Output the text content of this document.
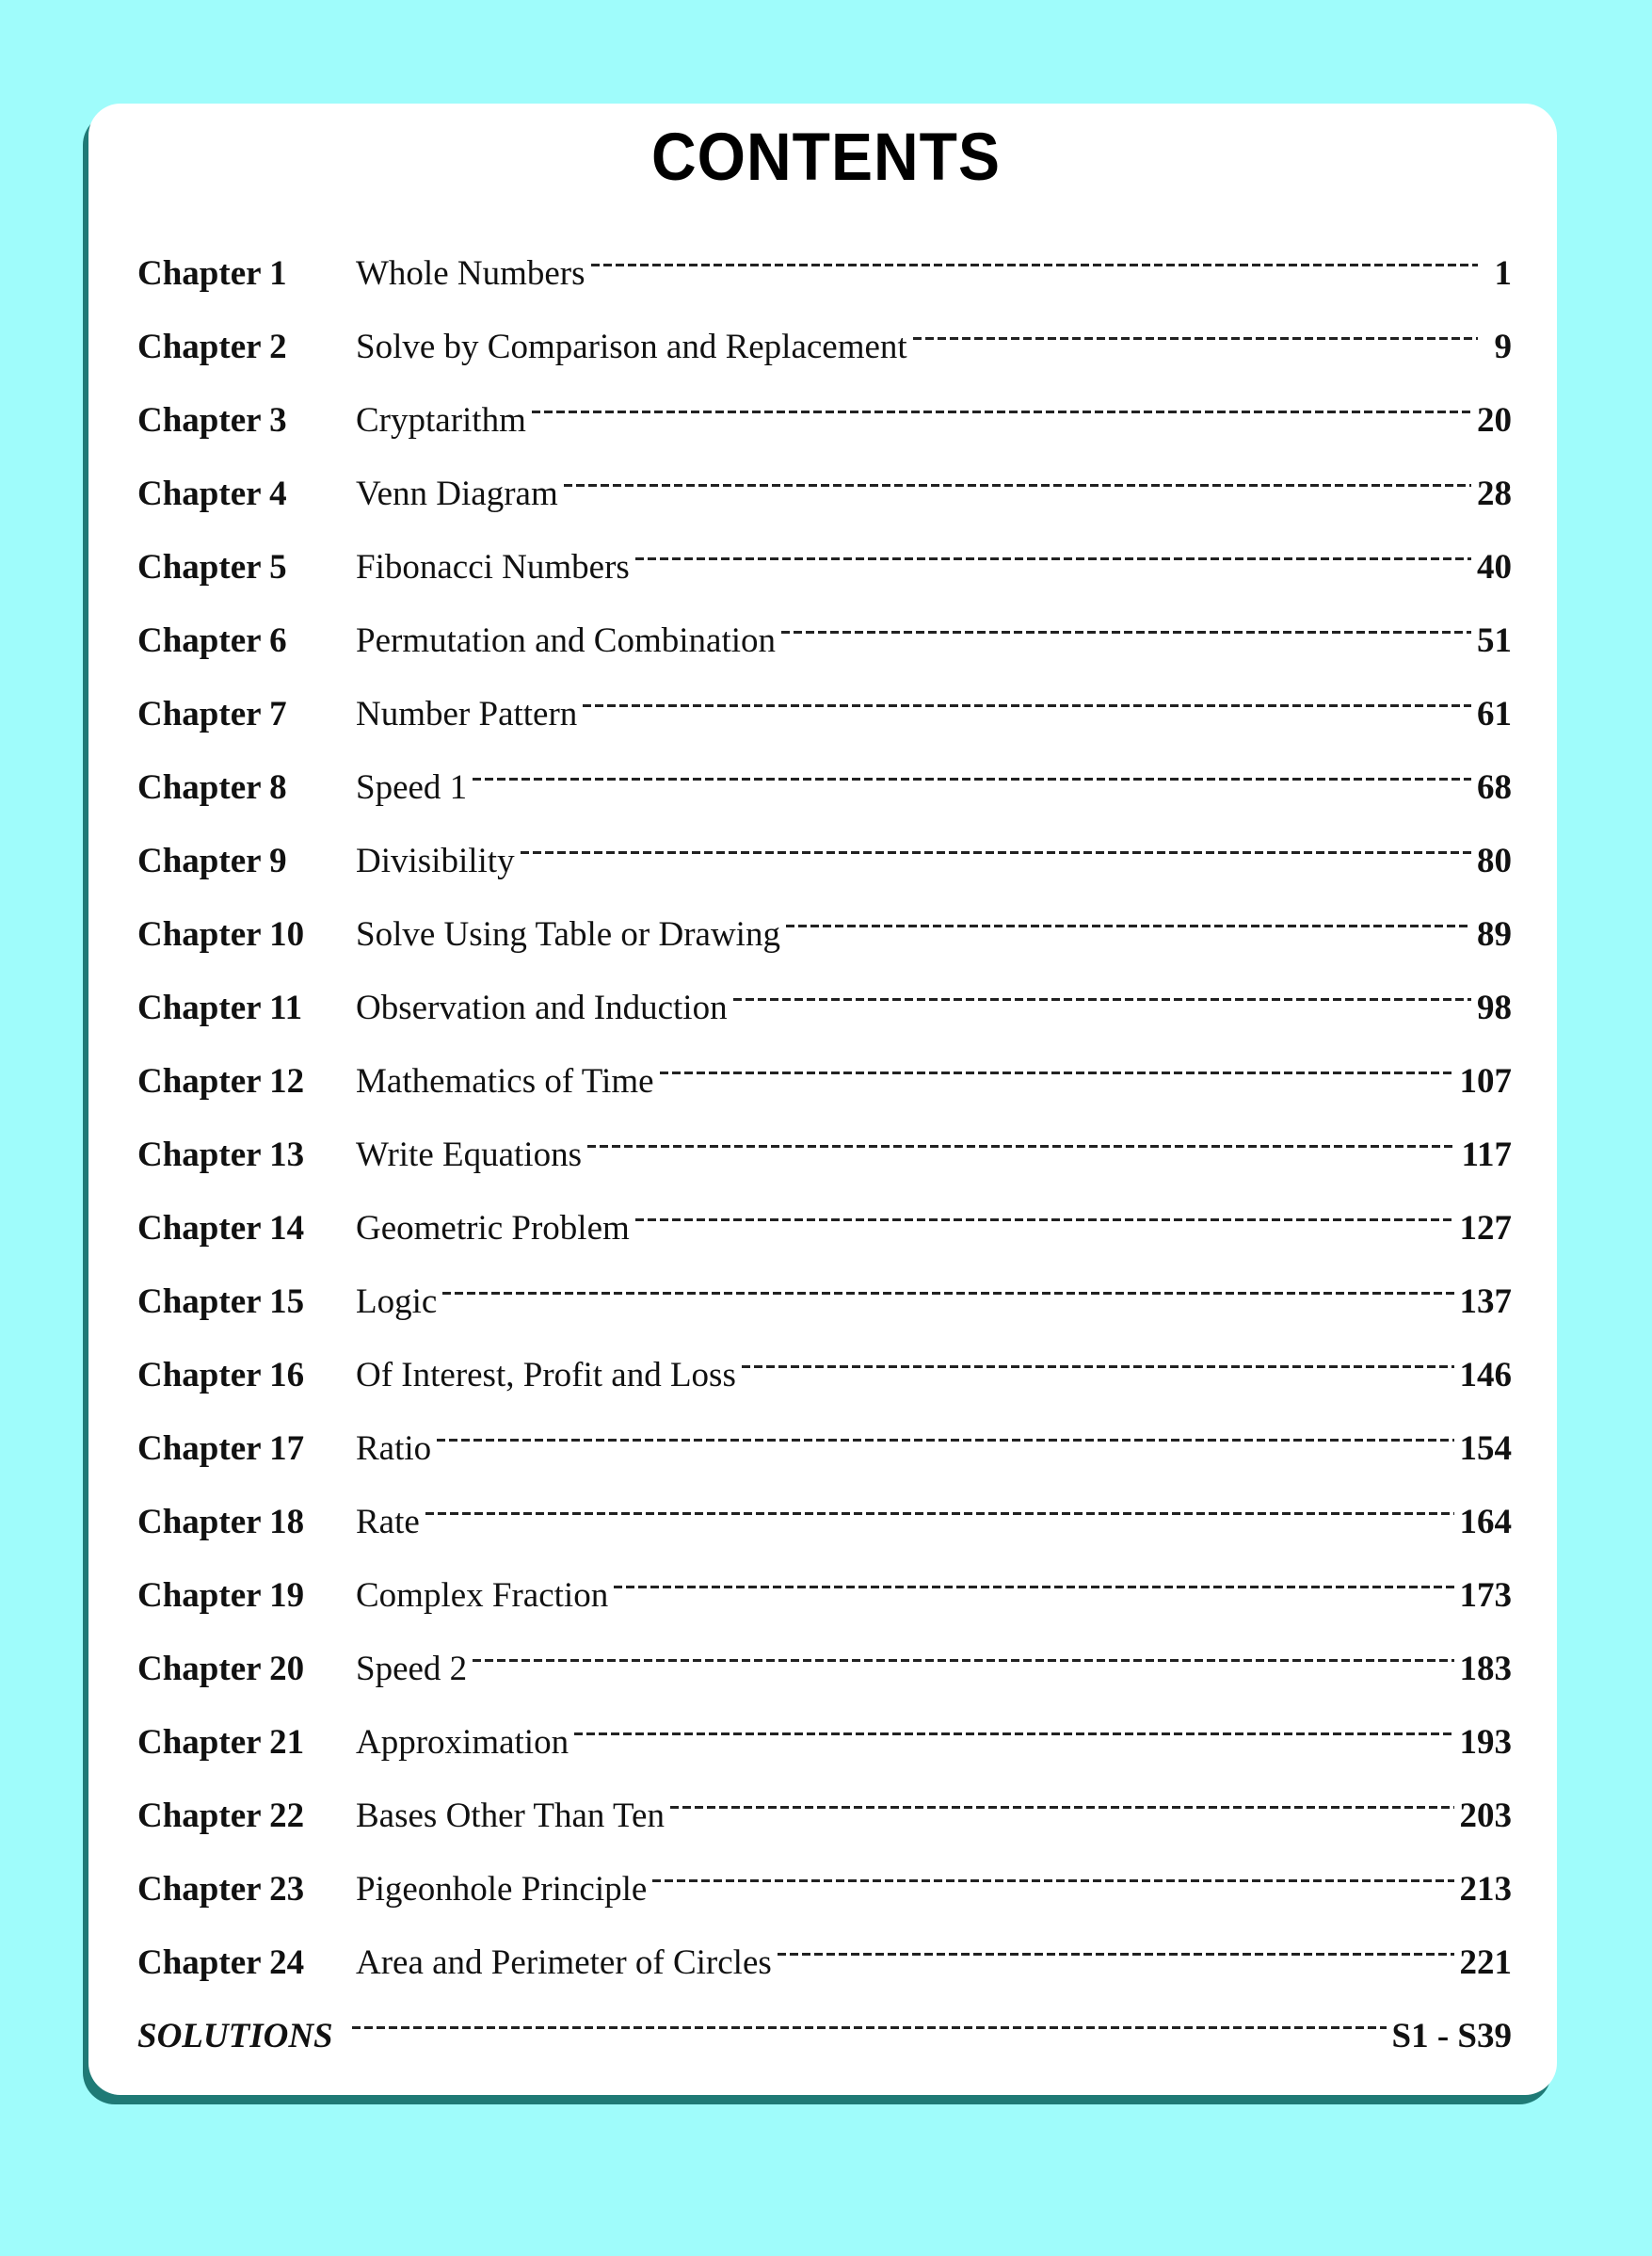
CONTENTS
Chapter 1	Whole Numbers	1
Chapter 2	Solve by Comparison and Replacement	9
Chapter 3	Cryptarithm	20
Chapter 4	Venn Diagram	28
Chapter 5	Fibonacci Numbers	40
Chapter 6	Permutation and Combination	51
Chapter 7	Number Pattern	61
Chapter 8	Speed 1	68
Chapter 9	Divisibility	80
Chapter 10	Solve Using Table or Drawing	89
Chapter 11	Observation and Induction	98
Chapter 12	Mathematics of Time	107
Chapter 13	Write Equations	117
Chapter 14	Geometric Problem	127
Chapter 15	Logic	137
Chapter 16	Of Interest, Profit and Loss	146
Chapter 17	Ratio	154
Chapter 18	Rate	164
Chapter 19	Complex Fraction	173
Chapter 20	Speed 2	183
Chapter 21	Approximation	193
Chapter 22	Bases Other Than Ten	203
Chapter 23	Pigeonhole Principle	213
Chapter 24	Area and Perimeter of Circles	221
SOLUTIONS	S1 - S39
